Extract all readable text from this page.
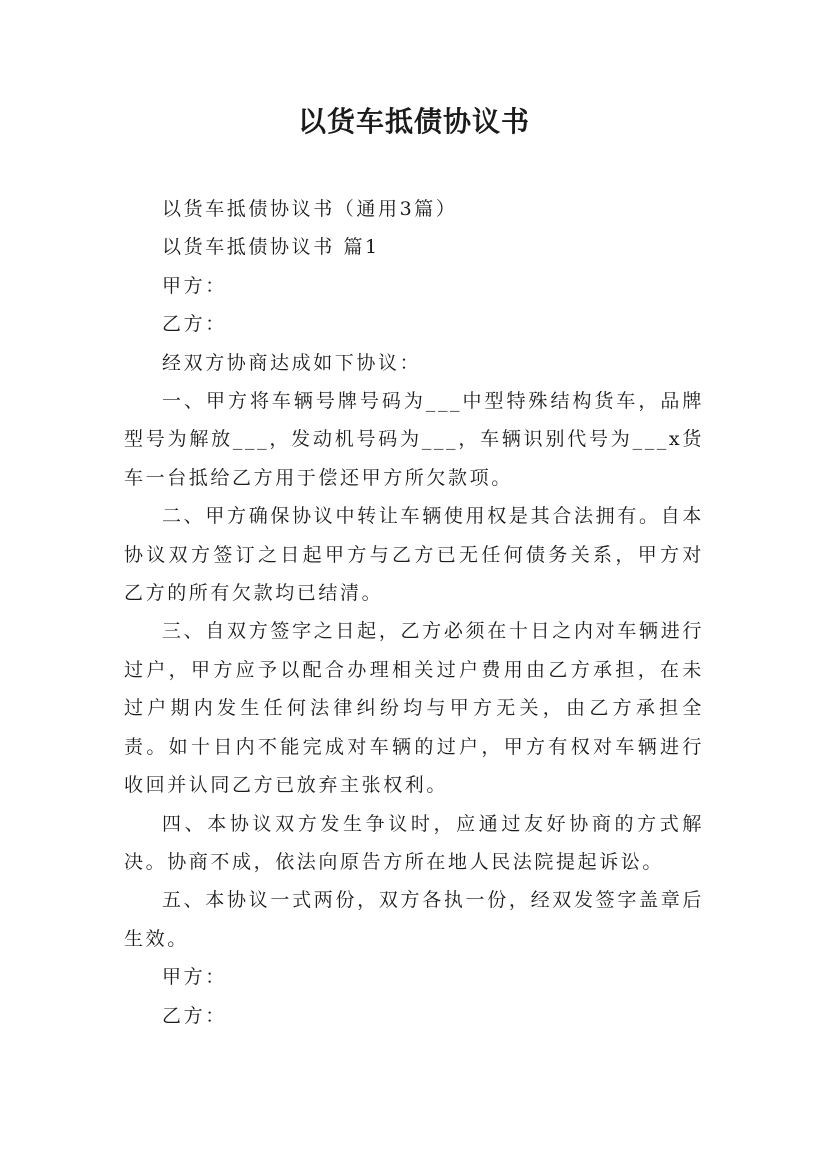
以货车抵债协议书

以货车抵债协议书（通用3篇）

以货车抵债协议书 篇1

甲方：

乙方：

经双方协商达成如下协议：

一、甲方将车辆号牌号码为___中型特殊结构货车，品牌型号为解放___，发动机号码为___，车辆识别代号为___x货车一台抵给乙方用于偿还甲方所欠款项。

二、甲方确保协议中转让车辆使用权是其合法拥有。自本协议双方签订之日起甲方与乙方已无任何债务关系，甲方对乙方的所有欠款均已结清。

三、自双方签字之日起，乙方必须在十日之内对车辆进行过户，甲方应予以配合办理相关过户费用由乙方承担，在未过户期内发生任何法律纠纷均与甲方无关，由乙方承担全责。如十日内不能完成对车辆的过户，甲方有权对车辆进行收回并认同乙方已放弃主张权利。

四、本协议双方发生争议时，应通过友好协商的方式解决。协商不成，依法向原告方所在地人民法院提起诉讼。

五、本协议一式两份，双方各执一份，经双发签字盖章后生效。

甲方：

乙方：
